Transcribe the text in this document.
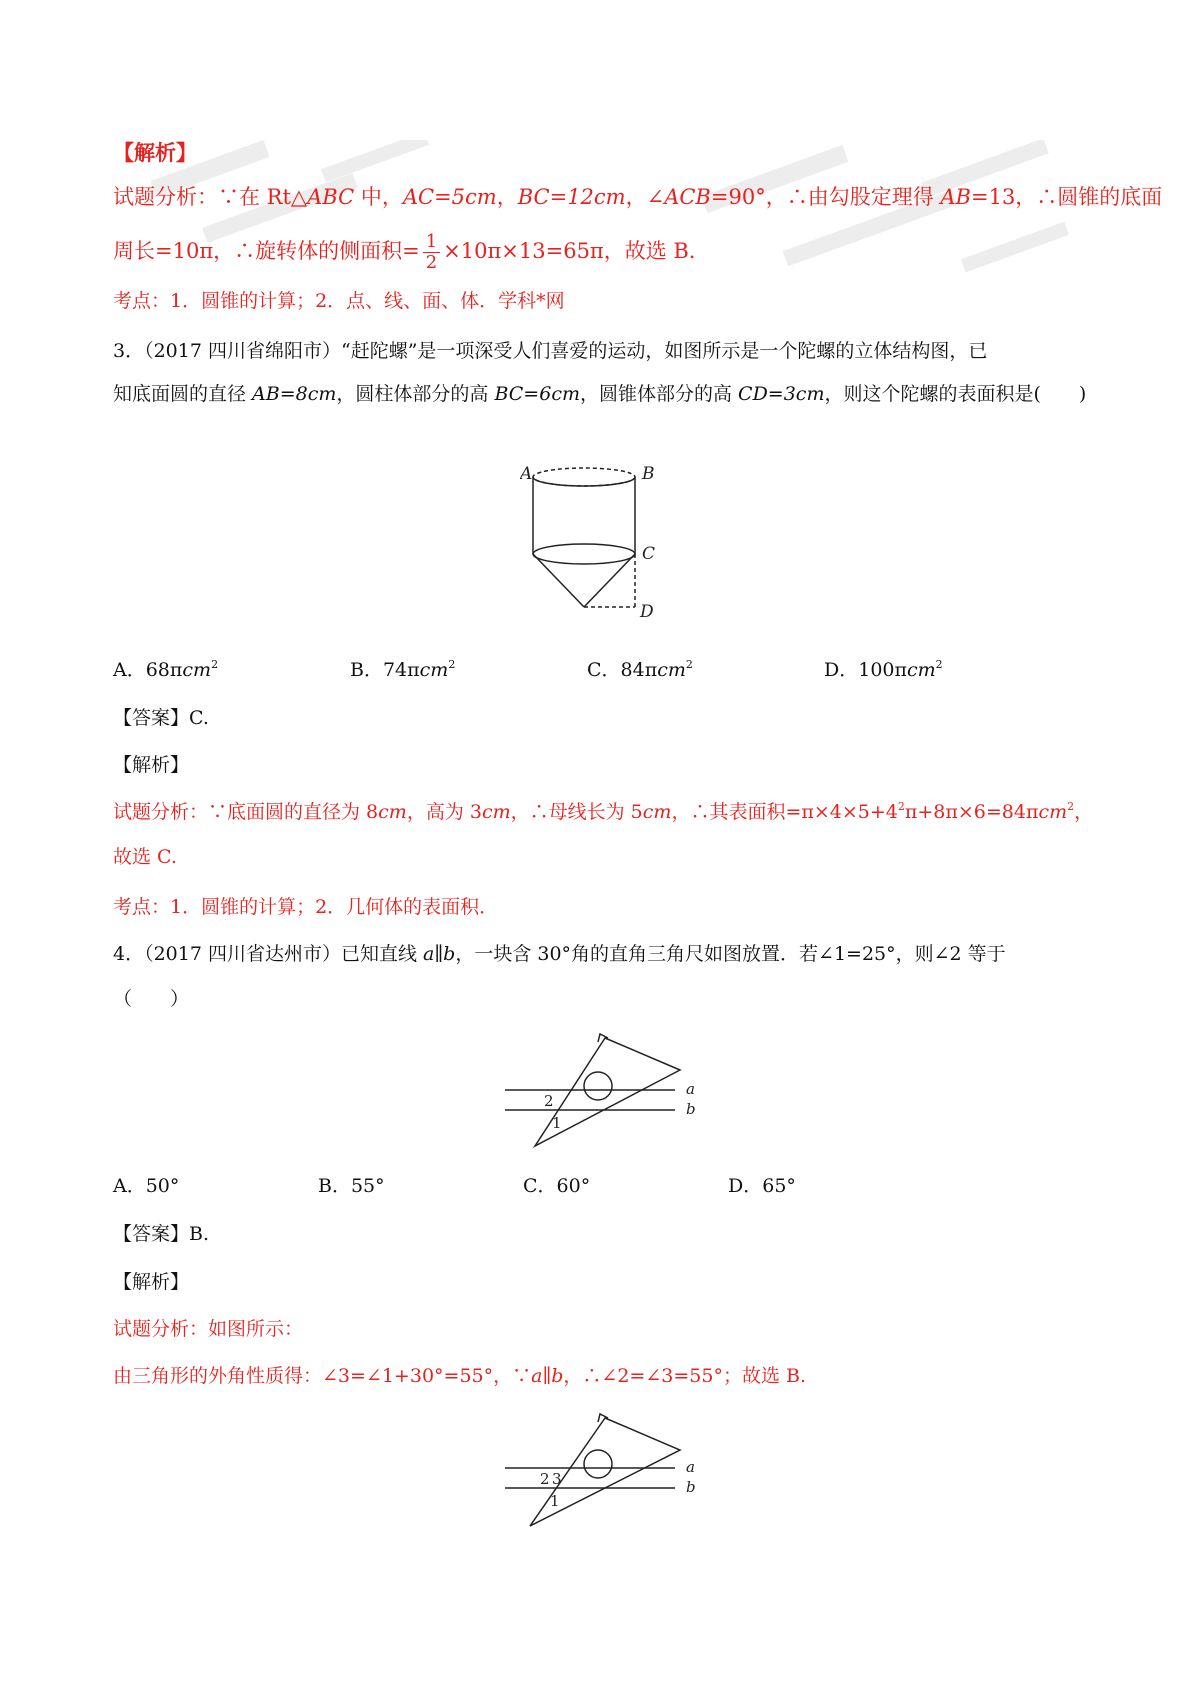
【解析】
试题分析：∵在 Rt△ABC 中，AC=5cm，BC=12cm，∠ACB=90°，∴由勾股定理得 AB=13，∴圆锥的底面
周长=10π，∴旋转体的侧面积= $\frac{1}{2} \times 10\pi\times 13=65\pi$，故选 B．
考点：1．圆锥的计算；2．点、线、面、体．学科*网
3．（2017 四川省绵阳市）“赶陀螺”是一项深受人们喜爱的运动，如图所示是一个陀螺的立体结构图，已
知底面圆的直径 AB=8cm，圆柱体部分的高 BC=6cm，圆锥体部分的高 CD=3cm，则这个陀螺的表面积是(　　)
A	B
C
D
A．68πcm$^2$	B．74πcm$^2$	C．84πcm$^2$	D．100πcm$^2$
【答案】C.
【解析】
试题分析：∵底面圆的直径为 8cm，高为 3cm，∴母线长为 5cm，∴其表面积$=\pi\times 4\times 5+4^2\pi+8\pi\times 6=84\pi cm^2$，
故选 C.
考点：1．圆锥的计算；2．几何体的表面积．
4．（2017 四川省达州市）已知直线 a∥b，一块含 30°角的直角三角尺如图放置．若∠1=25°，则∠2 等于
（　　）
a
b
2
1
A．50°	B．55°	C．60°	D．65°
【答案】B.
【解析】
试题分析：如图所示：
由三角形的外角性质得：∠3=∠1+30°=55°，∵a∥b，∴∠2=∠3=55°；故选 B.
a
b
2 3
1
